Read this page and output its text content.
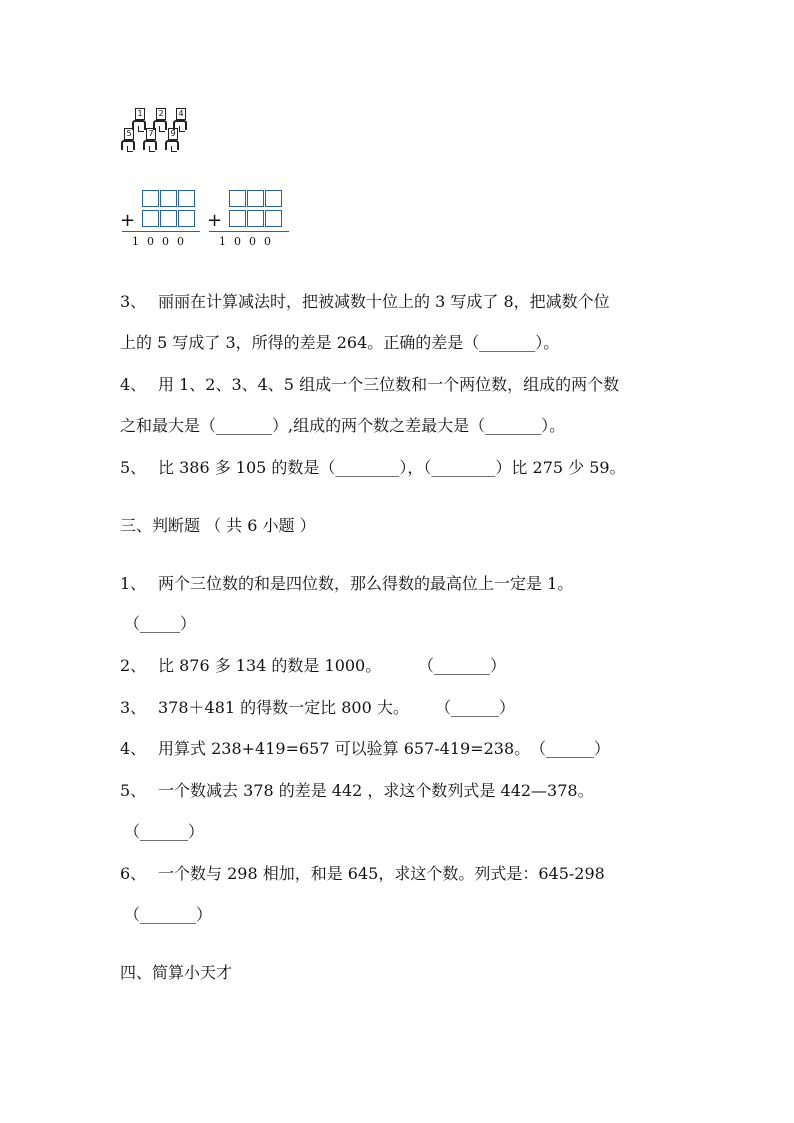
1	2	4
5	7	9
+
1000
+
1000
3、 丽丽在计算减法时，把被减数十位上的 3 写成了 8，把减数个位
上的 5 写成了 3，所得的差是 264。正确的差是（_______）。
4、 用 1、2、3、4、5 组成一个三位数和一个两位数，组成的两个数
之和最大是（_______）,组成的两个数之差最大是（_______）。
5、 比 386 多 105 的数是（________），（________）比 275 少 59。
三、判断题 （ 共 6 小题 ）
1、 两个三位数的和是四位数，那么得数的最高位上一定是 1。
（_____）
2、 比 876 多 134 的数是 1000。 （_______）
3、 378＋481 的得数一定比 800 大。 （______）
4、 用算式 238+419=657 可以验算 657-419=238。 （______）
5、 一个数减去 378 的差是 442 ，求这个数列式是 442—378。
（______）
6、 一个数与 298 相加，和是 645，求这个数。列式是：645-298
（_______）
四、简算小天才
